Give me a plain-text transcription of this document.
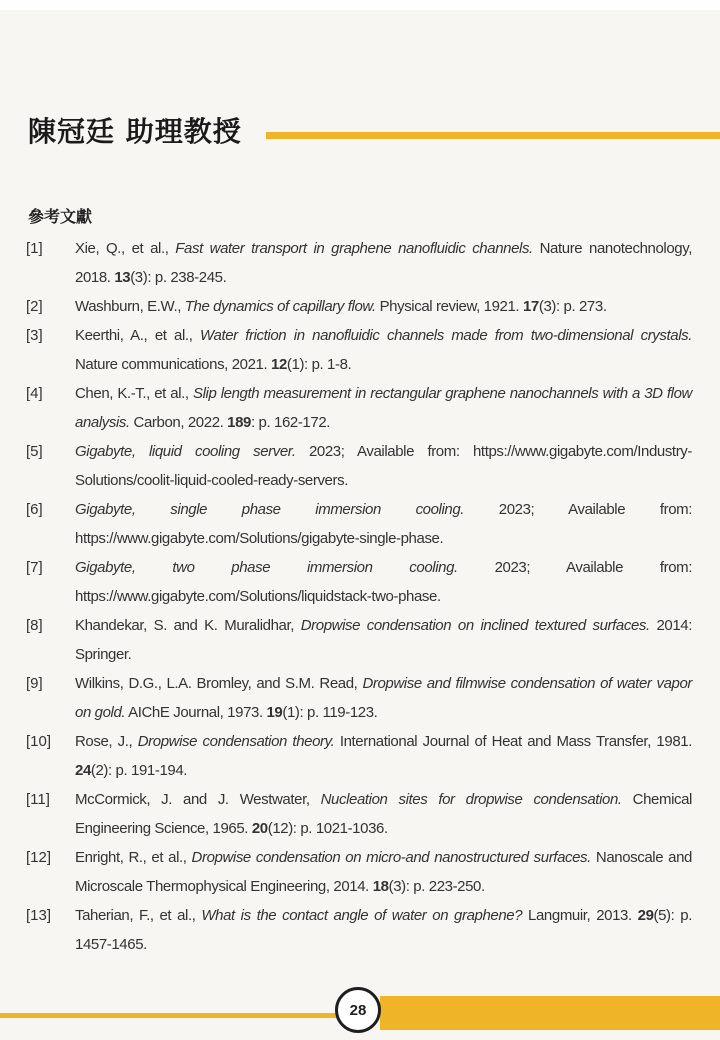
陳冠廷 助理教授
參考文獻
[1] Xie, Q., et al., Fast water transport in graphene nanofluidic channels. Nature nanotechnology, 2018. 13(3): p. 238-245.
[2] Washburn, E.W., The dynamics of capillary flow. Physical review, 1921. 17(3): p. 273.
[3] Keerthi, A., et al., Water friction in nanofluidic channels made from two-dimensional crystals. Nature communications, 2021. 12(1): p. 1-8.
[4] Chen, K.-T., et al., Slip length measurement in rectangular graphene nanochannels with a 3D flow analysis. Carbon, 2022. 189: p. 162-172.
[5] Gigabyte, liquid cooling server. 2023; Available from: https://www.gigabyte.com/Industry-Solutions/coolit-liquid-cooled-ready-servers.
[6] Gigabyte, single phase immersion cooling. 2023; Available from: https://www.gigabyte.com/Solutions/gigabyte-single-phase.
[7] Gigabyte, two phase immersion cooling. 2023; Available from: https://www.gigabyte.com/Solutions/liquidstack-two-phase.
[8] Khandekar, S. and K. Muralidhar, Dropwise condensation on inclined textured surfaces. 2014: Springer.
[9] Wilkins, D.G., L.A. Bromley, and S.M. Read, Dropwise and filmwise condensation of water vapor on gold. AIChE Journal, 1973. 19(1): p. 119-123.
[10] Rose, J., Dropwise condensation theory. International Journal of Heat and Mass Transfer, 1981. 24(2): p. 191-194.
[11] McCormick, J. and J. Westwater, Nucleation sites for dropwise condensation. Chemical Engineering Science, 1965. 20(12): p. 1021-1036.
[12] Enright, R., et al., Dropwise condensation on micro-and nanostructured surfaces. Nanoscale and Microscale Thermophysical Engineering, 2014. 18(3): p. 223-250.
[13] Taherian, F., et al., What is the contact angle of water on graphene? Langmuir, 2013. 29(5): p. 1457-1465.
28
